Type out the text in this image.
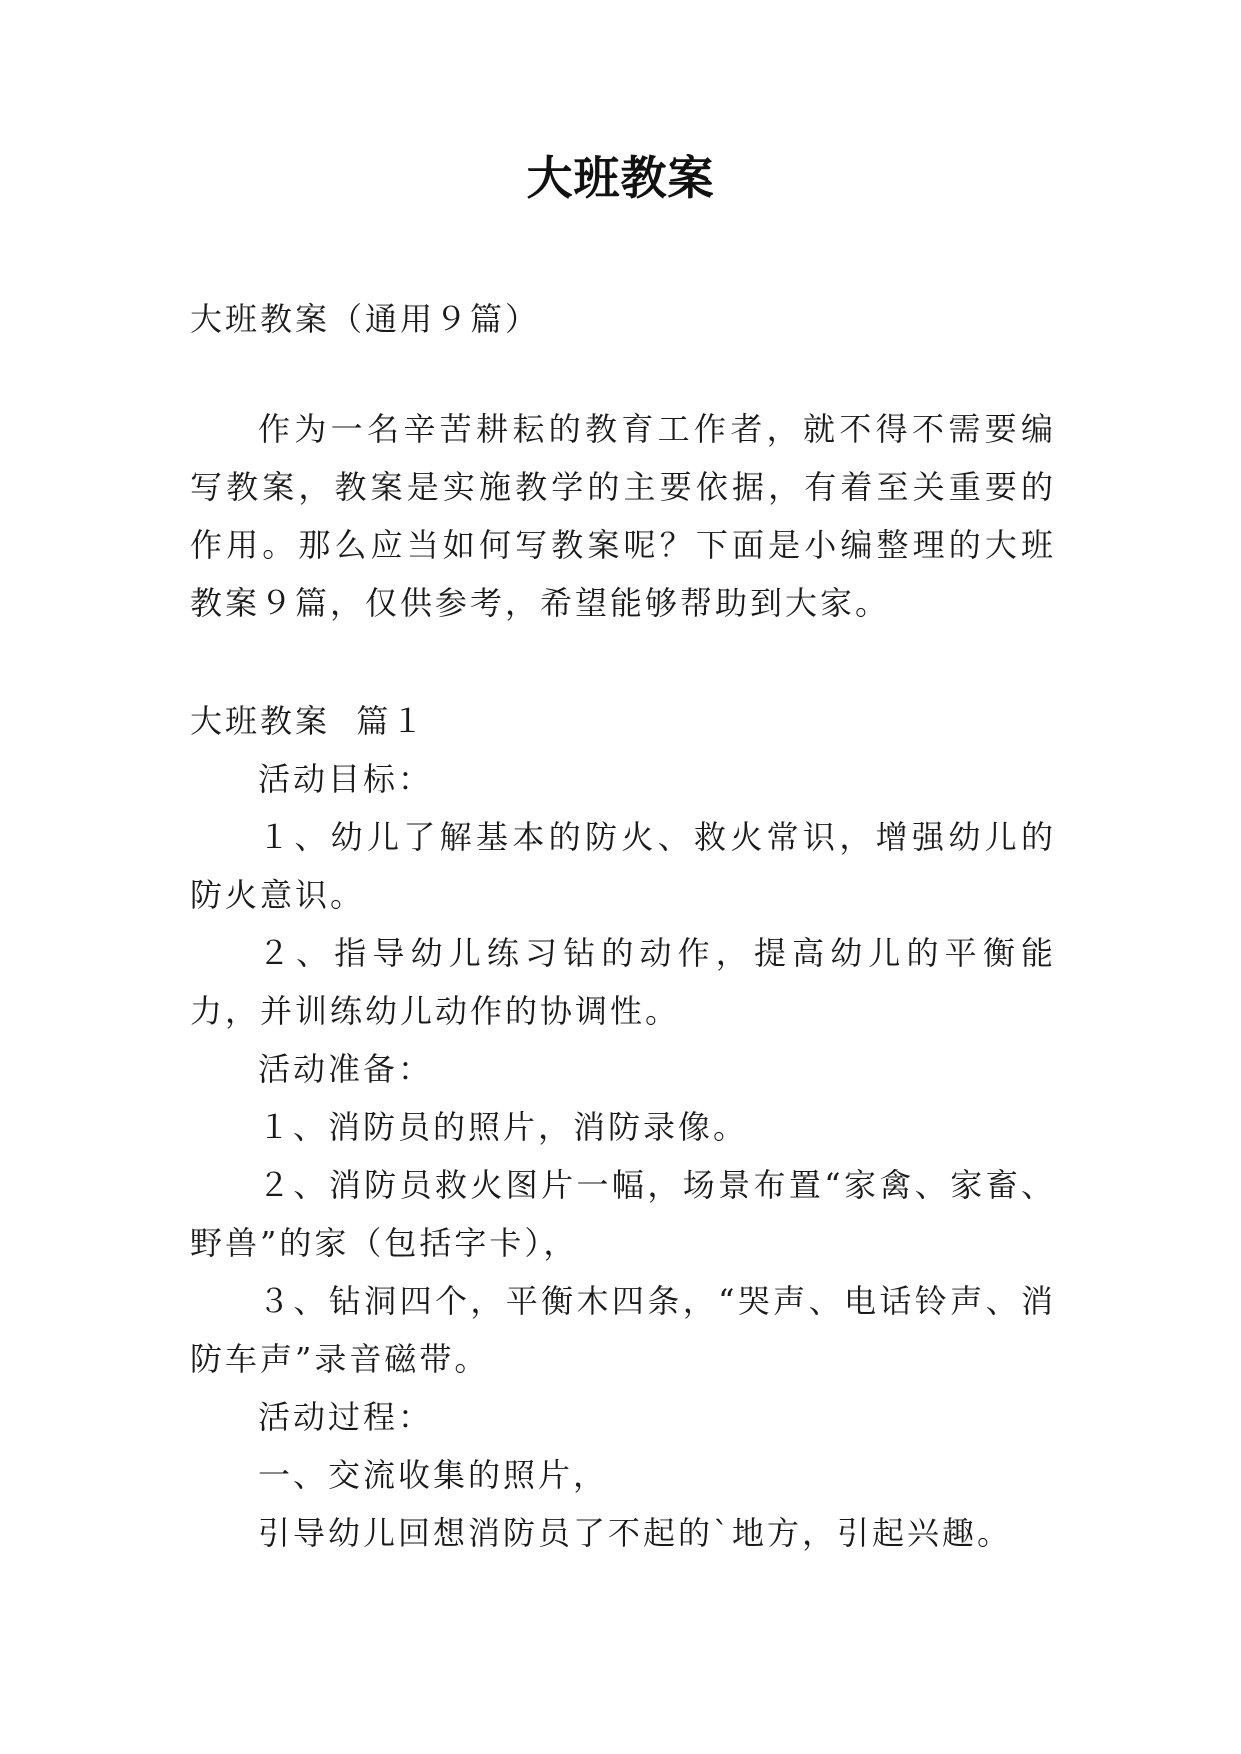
大班教案

大班教案（通用９篇）

作为一名辛苦耕耘的教育工作者，就不得不需要编写教案，教案是实施教学的主要依据，有着至关重要的作用。那么应当如何写教案呢？下面是小编整理的大班教案９篇，仅供参考，希望能够帮助到大家。

大班教案  篇１

活动目标：

１、幼儿了解基本的防火、救火常识，增强幼儿的防火意识。

２、指导幼儿练习钻的动作，提高幼儿的平衡能力，并训练幼儿动作的协调性。

活动准备：

１、消防员的照片，消防录像。

２、消防员救火图片一幅，场景布置“家禽、家畜、野兽”的家（包括字卡），

３、钻洞四个，平衡木四条，“哭声、电话铃声、消防车声”录音磁带。

活动过程：

一、交流收集的照片，

引导幼儿回想消防员了不起的`地方，引起兴趣。
